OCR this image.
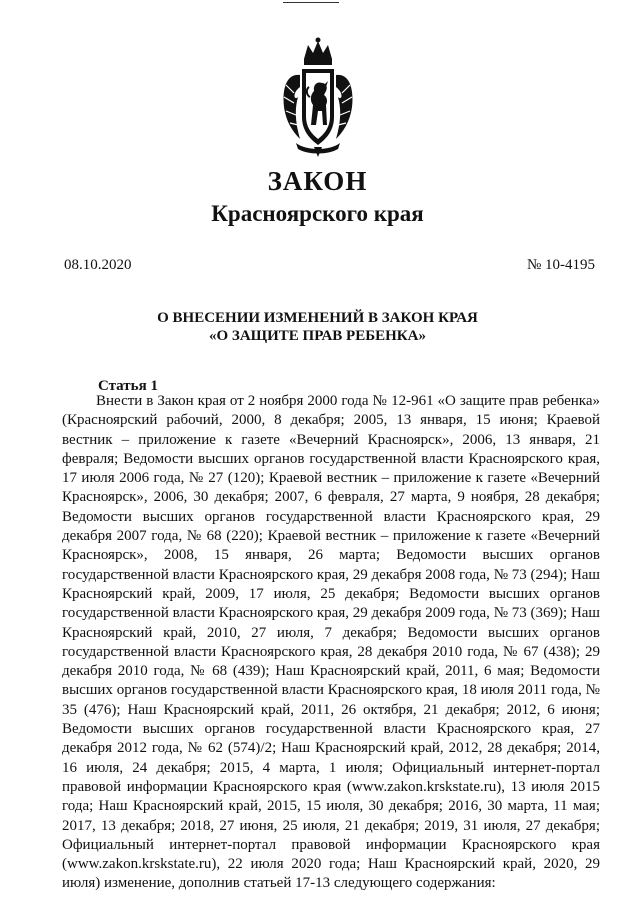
ЗАКОН
Красноярского края
08.10.2020	№ 10-4195
О ВНЕСЕНИИ ИЗМЕНЕНИЙ В ЗАКОН КРАЯ
«О ЗАЩИТЕ ПРАВ РЕБЕНКА»
Статья 1
Внести в Закон края от 2 ноября 2000 года № 12-961 «О защите прав ребенка» (Красноярский рабочий, 2000, 8 декабря; 2005, 13 января, 15 июня; Краевой вестник – приложение к газете «Вечерний Красноярск», 2006, 13 января, 21 февраля; Ведомости высших органов государственной власти Красноярского края, 17 июля 2006 года, № 27 (120); Краевой вестник – приложение к газете «Вечерний Красноярск», 2006, 30 декабря; 2007, 6 февраля, 27 марта, 9 ноября, 28 декабря; Ведомости высших органов государственной власти Красноярского края, 29 декабря 2007 года, № 68 (220); Краевой вестник – приложение к газете «Вечерний Красноярск», 2008, 15 января, 26 марта; Ведомости высших органов государственной власти Красноярского края, 29 декабря 2008 года, № 73 (294); Наш Красноярский край, 2009, 17 июля, 25 декабря; Ведомости высших органов государственной власти Красноярского края, 29 декабря 2009 года, № 73 (369); Наш Красноярский край, 2010, 27 июля, 7 декабря; Ведомости высших органов государственной власти Красноярского края, 28 декабря 2010 года, № 67 (438); 29 декабря 2010 года, № 68 (439); Наш Красноярский край, 2011, 6 мая; Ведомости высших органов государственной власти Красноярского края, 18 июля 2011 года, № 35 (476); Наш Красноярский край, 2011, 26 октября, 21 декабря; 2012, 6 июня; Ведомости высших органов государственной власти Красноярского края, 27 декабря 2012 года, № 62 (574)/2; Наш Красноярский край, 2012, 28 декабря; 2014, 16 июля, 24 декабря; 2015, 4 марта, 1 июля; Официальный интернет-портал правовой информации Красноярского края (www.zakon.krskstate.ru), 13 июля 2015 года; Наш Красноярский край, 2015, 15 июля, 30 декабря; 2016, 30 марта, 11 мая; 2017, 13 декабря; 2018, 27 июня, 25 июля, 21 декабря; 2019, 31 июля, 27 декабря; Официальный интернет-портал правовой информации Красноярского края (www.zakon.krskstate.ru), 22 июля 2020 года; Наш Красноярский край, 2020, 29 июля) изменение, дополнив статьей 17-13 следующего содержания:
